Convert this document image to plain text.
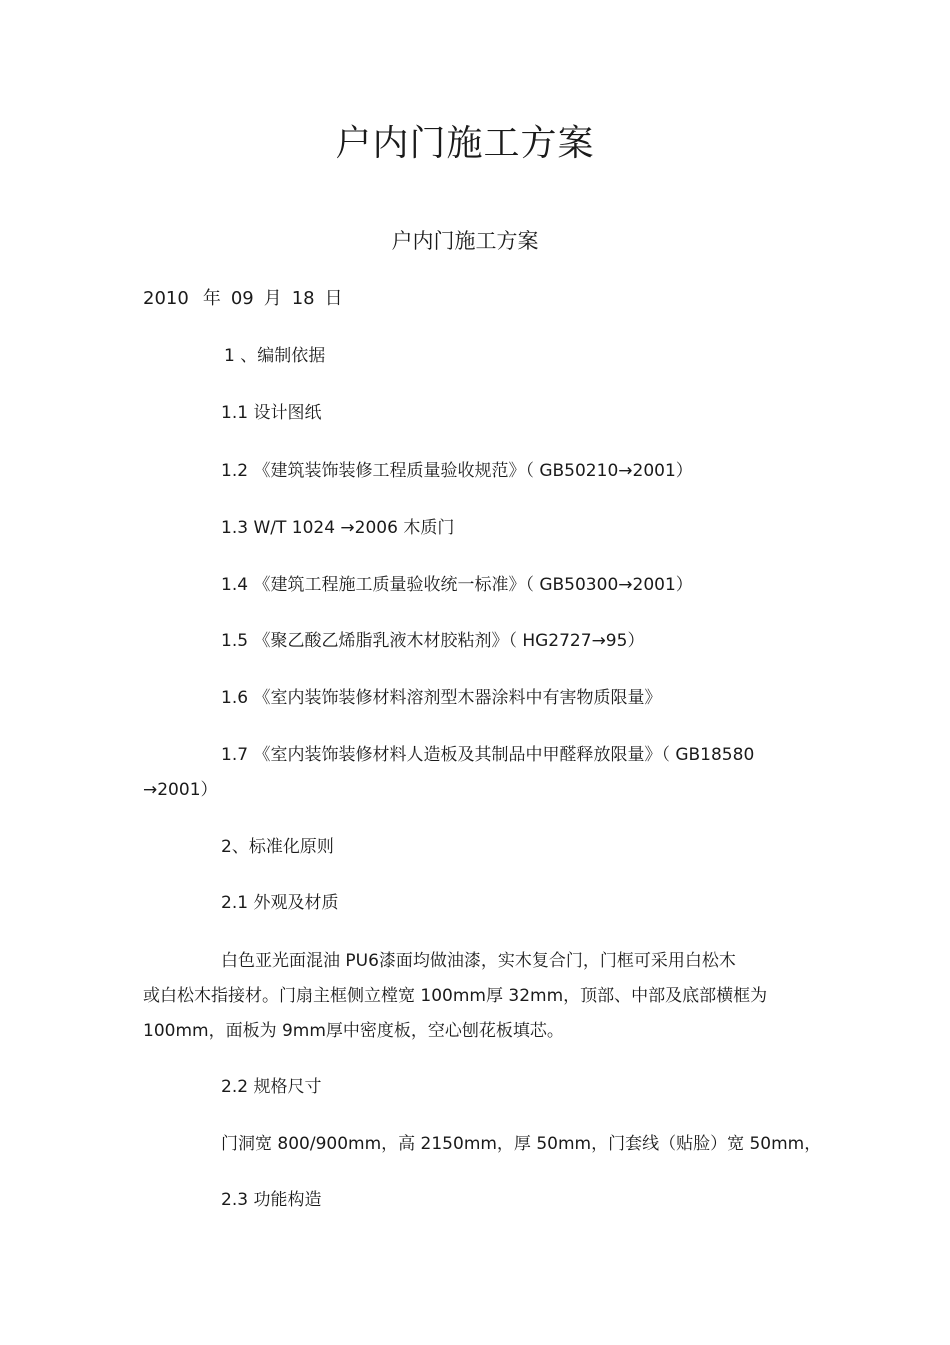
户内门施工方案
户内门施工方案
2010 年 09 月 18 日
1 、编制依据
1.1 设计图纸
1.2 《建筑装饰装修工程质量验收规范》（ GB50210→2001）
1.3 W/T 1024 →2006 木质门
1.4 《建筑工程施工质量验收统一标准》（ GB50300→2001）
1.5 《聚乙酸乙烯脂乳液木材胶粘剂》（ HG2727→95）
1.6 《室内装饰装修材料溶剂型木器涂料中有害物质限量》
1.7 《室内装饰装修材料人造板及其制品中甲醛释放限量》（ GB18580
→2001）
2、标准化原则
2.1 外观及材质
白色亚光面混油 PU6漆面均做油漆，实木复合门，门框可采用白松木
或白松木指接材。门扇主框侧立樘宽 100mm厚 32mm，顶部、中部及底部横框为
100mm，面板为 9mm厚中密度板，空心刨花板填芯。
2.2 规格尺寸
门洞宽 800/900mm，高 2150mm，厚 50mm，门套线（贴脸）宽 50mm，
2.3 功能构造
